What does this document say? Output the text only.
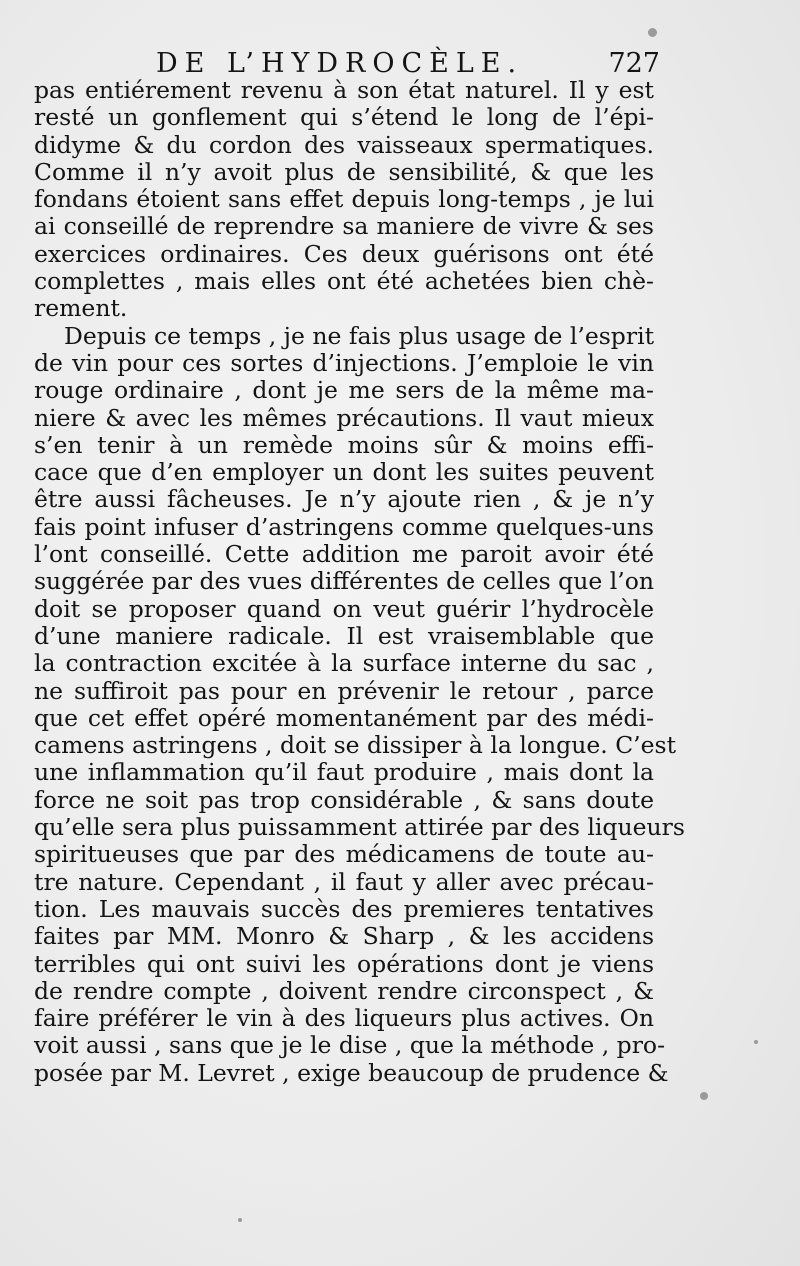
DE L’HYDROCÈLE.	727
pas entiérement revenu à son état naturel. Il y est
resté un gonflement qui s’étend le long de l’épi-
didyme & du cordon des vaisseaux spermatiques.
Comme il n’y avoit plus de sensibilité, & que les
fondans étoient sans effet depuis long-temps , je lui
ai conseillé de reprendre sa maniere de vivre & ses
exercices ordinaires. Ces deux guérisons ont été
complettes , mais elles ont été achetées bien chè-
rement.
Depuis ce temps , je ne fais plus usage de l’esprit
de vin pour ces sortes d’injections. J’emploie le vin
rouge ordinaire , dont je me sers de la même ma-
niere & avec les mêmes précautions. Il vaut mieux
s’en tenir à un remède moins sûr & moins effi-
cace que d’en employer un dont les suites peuvent
être aussi fâcheuses. Je n’y ajoute rien , & je n’y
fais point infuser d’astringens comme quelques-uns
l’ont conseillé. Cette addition me paroit avoir été
suggérée par des vues différentes de celles que l’on
doit se proposer quand on veut guérir l’hydrocèle
d’une maniere radicale. Il est vraisemblable que
la contraction excitée à la surface interne du sac ,
ne suffiroit pas pour en prévenir le retour , parce
que cet effet opéré momentanément par des médi-
camens astringens , doit se dissiper à la longue. C’est
une inflammation qu’il faut produire , mais dont la
force ne soit pas trop considérable , & sans doute
qu’elle sera plus puissamment attirée par des liqueurs
spiritueuses que par des médicamens de toute au-
tre nature. Cependant , il faut y aller avec précau-
tion. Les mauvais succès des premieres tentatives
faites par MM. Monro & Sharp , & les accidens
terribles qui ont suivi les opérations dont je viens
de rendre compte , doivent rendre circonspect , &
faire préférer le vin à des liqueurs plus actives. On
voit aussi , sans que je le dise , que la méthode , pro-
posée par M. Levret , exige beaucoup de prudence &
